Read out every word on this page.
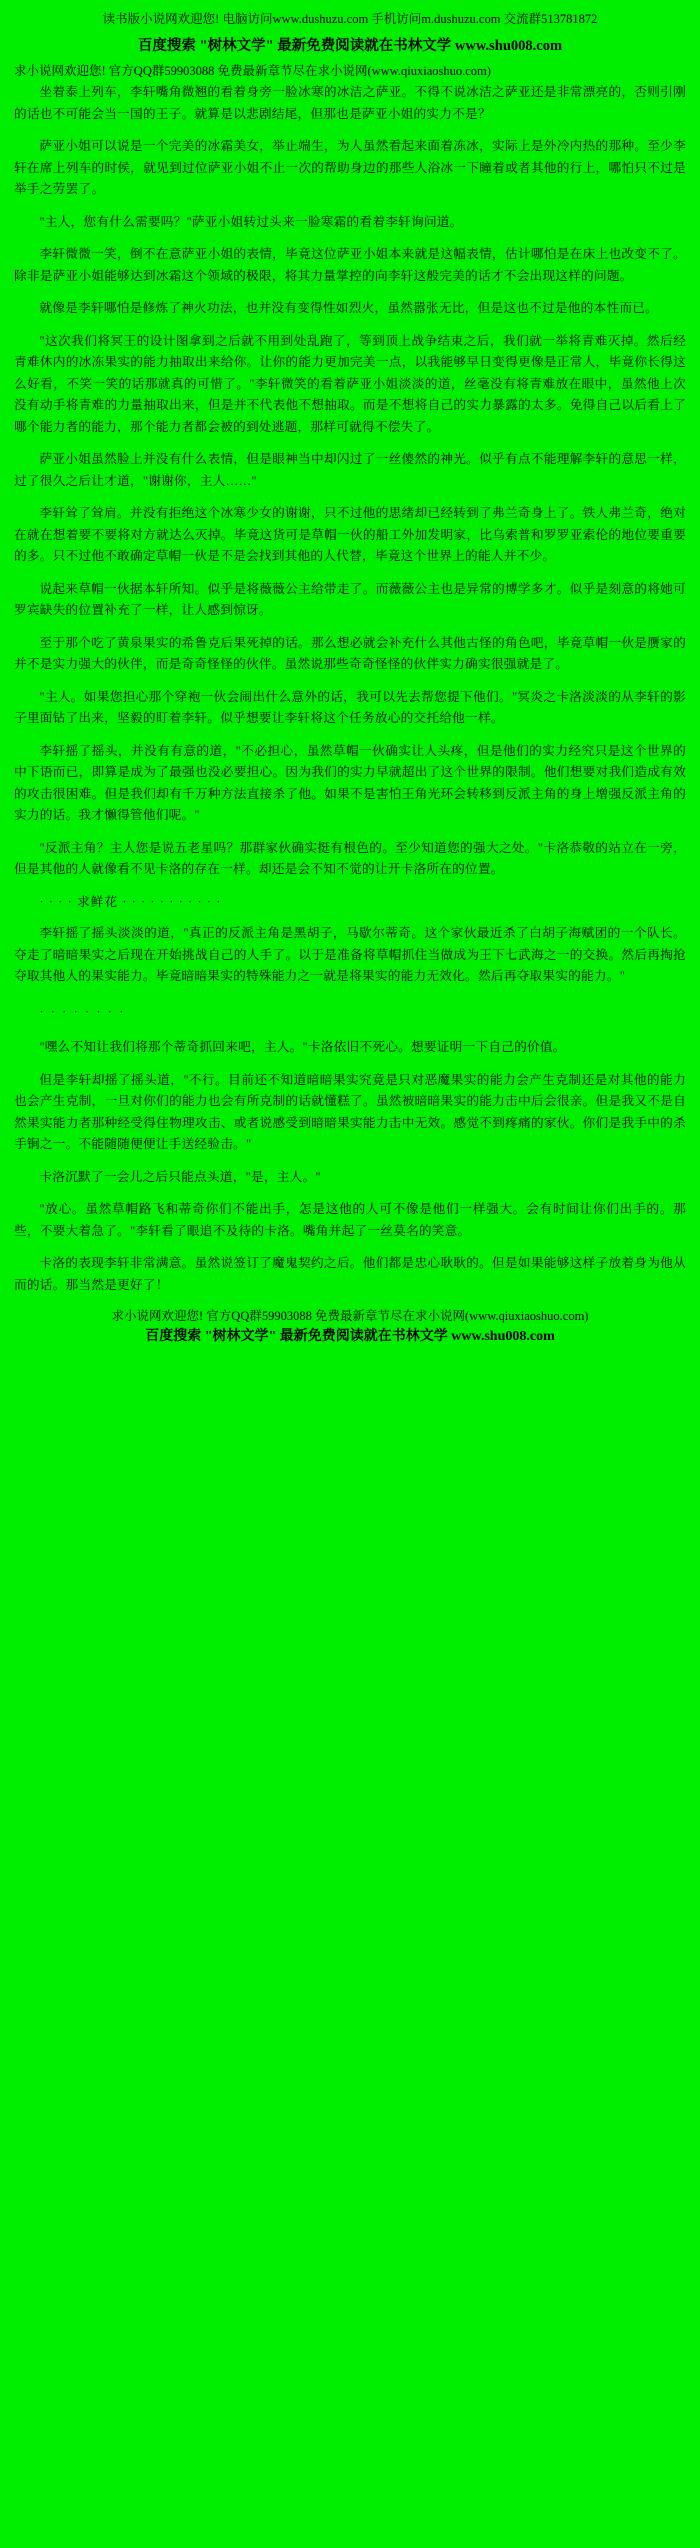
读书版小说网欢迎您! 电脑访问www.dushuzu.com 手机访问m.dushuzu.com 交流群513781872
百度搜索 "树林文学" 最新免费阅读就在书林文学 www.shu008.com
求小说网欢迎您! 官方QQ群59903088 免费最新章节尽在求小说网(www.qiuxiaoshuo.com)
坐着泰上列车，李轩嘴角微翘的看着身旁一脸冰寒的冰洁之萨亚。不得不说冰洁之萨亚还是非常漂亮的，否则引刚的话也不可能会当一国的王子。就算是以悲剧结尾，但那也是萨亚小姐的实力不是？
萨亚小姐可以说是一个完美的冰霜美女，举止端生，为人虽然看起来面着冻冰，实际上是外冷内热的那种。至少李轩在席上列车的时侯，就见到过位萨亚小姐不止一次的帮助身边的那些人浴冰一下瞳着或者其他的行上，哪怕只不过是举手之劳罢了。
"主人，您有什么需要吗？"萨亚小姐转过头来一脸寒霜的看着李轩询问道。
李轩微微一笑，倒不在意萨亚小姐的表情，毕竟这位萨亚小姐本来就是这幅表情，估计哪怕是在床上也改变不了。除非是萨亚小姐能够达到冰霜这个领域的极限，将其力量掌控的向李轩这般完美的话才不会出现这样的问题。
就像是李轩哪怕是修炼了神火功法，也并没有变得性如烈火，虽然嚣张无比，但是这也不过是他的本性而已。
"这次我们将冥王的设计图拿到之后就不用到处乱跑了，等到顶上战争结束之后，我们就一举将青难灭掉。然后经青难休内的冰冻果实的能力抽取出来给你。让你的能力更加完美一点，以我能够早日变得更像是正常人，毕竟你长得这么好看，不笑一笑的话那就真的可惜了。"李轩微笑的看着萨亚小姐淡淡的道，丝毫没有将青难放在眼中，虽然他上次没有动手将青难的力量抽取出来，但是并不代表他不想抽取。而是不想将自己的实力暴露的太多。免得自己以后看上了哪个能力者的能力，那个能力者都会被的到处逃题，那样可就得不偿失了。
萨亚小姐虽然脸上并没有什么表情，但是眼神当中却闪过了一丝傻然的神光。似乎有点不能理解李轩的意思一样，过了很久之后让才道，"谢谢你，主人……"
李轩耸了耸肩。并没有拒绝这个冰寒少女的谢谢，只不过他的思绪却已经转到了弗兰奇身上了。铁人弗兰奇，绝对在就在想着要不要将对方就达么灭掉。毕竟这货可是草帽一伙的船工外加发明家，比乌索普和罗罗亚索伦的地位要重要的多。只不过他不敢确定草帽一伙是不是会找到其他的人代替，毕竟这个世界上的能人并不少。
说起来草帽一伙据本轩所知。似乎是将薇薇公主给带走了。而薇薇公主也是异常的博学多才。似乎是刻意的将她可罗宾缺失的位置补充了一样，让人感到惊讶。
至于那个吃了黄泉果实的希鲁克后果死掉的话。那么想必就会补充什么其他古怪的角色吧，毕竟草帽一伙是赝家的并不是实力强大的伙伴，而是奇奇怪怪的伙伴。虽然说那些奇奇怪怪的伙伴实力确实很强就是了。
"主人。如果您担心那个穿袍一伙会闹出什么意外的话，我可以先去帮您提下他们。"冥炎之卡洛淡淡的从李轩的影子里面钻了出来，坚毅的盯着李轩。似乎想要让李轩将这个任务放心的交托给他一样。
李轩摇了摇头，并没有有意的道，"不必担心，虽然草帽一伙确实让人头疼，但是他们的实力经究只是这个世界的中下语而已，即算是成为了最强也没必要担心。因为我们的实力早就超出了这个世界的限制。他们想要对我们造成有效的攻击很困难。但是我们却有千万种方法直接杀了他。如果不是害怕王角光环会转移到反派主角的身上增强反派主角的实力的话。我才懒得管他们呢。"
"反派主角？主人您是说五老星吗？那群家伙确实挺有根色的。至少知道您的强大之处。"卡洛恭敬的站立在一旁，但是其他的人就像看不见卡洛的存在一样。却还是会不知不觉的让开卡洛所在的位置。
· · · · 求鲜花 · · · · · · · · · · ·
李轩摇了摇头淡淡的道，"真正的反派主角是黑胡子，马歇尔蒂奇。这个家伙最近杀了白胡子海赋团的一个队长。夺走了暗暗果实之后现在开始挑战自己的人手了。以于是准备将草帽抓住当做成为王下七武海之一的交换。然后再掏抢夺取其他人的果实能力。毕竟暗暗果实的特殊能力之一就是将果实的能力无效化。然后再夺取果实的能力。"
· · · · · · · ·
"嘿么不知让我们将那个蒂奇抓回来吧，主人。"卡洛依旧不死心。想要证明一下自己的价值。
但是李轩却摇了摇头道，"不行。目前还不知道暗暗果实究竟是只对恶魔果实的能力会产生克制还是对其他的能力也会产生克制，一旦对你们的能力也会有所克制的话就懂糕了。虽然被暗暗果实的能力击中后会很亲。但是我又不是自然果实能力者那种经受得住物理攻击、或者说感受到暗暗果实能力击中无效。感觉不到疼痛的家伙。你们是我手中的杀手锏之一。不能随随便便让手送经验击。"
卡洛沉默了一会儿之后只能点头道，"是，主人。"
"放心。虽然草帽路飞和蒂奇你们不能出手，怎是这他的人可不像是他们一样强大。会有时间让你们出手的。那些，不要大着急了。"李轩看了眼追不及待的卡洛。嘴角并起了一丝莫名的笑意。
卡洛的表现李轩非常满意。虽然说签订了魔鬼契约之后。他们都是忠心耿耿的。但是如果能够这样子放着身为他从而的话。那当然是更好了！
求小说网欢迎您! 官方QQ群59903088 免费最新章节尽在求小说网(www.qiuxiaoshuo.com)
百度搜索 "树林文学" 最新免费阅读就在书林文学 www.shu008.com
